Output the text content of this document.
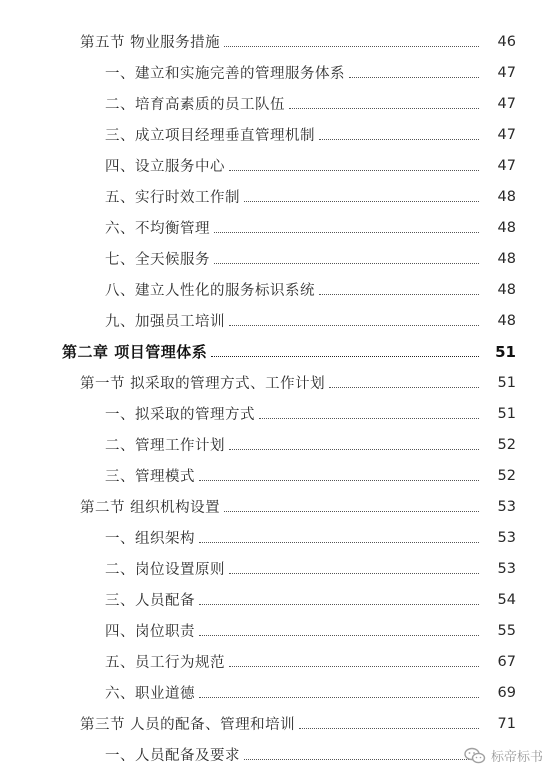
第五节 物业服务措施	46
一、建立和实施完善的管理服务体系	47
二、培育高素质的员工队伍	47
三、成立项目经理垂直管理机制	47
四、设立服务中心	47
五、实行时效工作制	48
六、不均衡管理	48
七、全天候服务	48
八、建立人性化的服务标识系统	48
九、加强员工培训	48
第二章 项目管理体系	51
第一节 拟采取的管理方式、工作计划	51
一、拟采取的管理方式	51
二、管理工作计划	52
三、管理模式	52
第二节 组织机构设置	53
一、组织架构	53
二、岗位设置原则	53
三、人员配备	54
四、岗位职责	55
五、员工行为规范	67
六、职业道德	69
第三节 人员的配备、管理和培训	71
一、人员配备及要求	标帝标书
